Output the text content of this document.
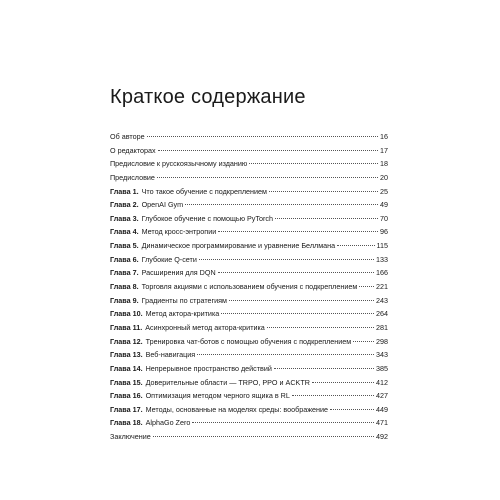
Краткое содержание
Об авторе	16
О редакторах	17
Предисловие к русскоязычному изданию	18
Предисловие	20
Глава 1. Что такое обучение с подкреплением	25
Глава 2. OpenAI Gym	49
Глава 3. Глубокое обучение с помощью PyTorch	70
Глава 4. Метод кросс-энтропии	96
Глава 5. Динамическое программирование и уравнение Беллмана	115
Глава 6. Глубокие Q-сети	133
Глава 7. Расширения для DQN	166
Глава 8. Торговля акциями с использованием обучения с подкреплением	221
Глава 9. Градиенты по стратегиям	243
Глава 10. Метод актора-критика	264
Глава 11. Асинхронный метод актора-критика	281
Глава 12. Тренировка чат-ботов с помощью обучения с подкреплением	298
Глава 13. Веб-навигация	343
Глава 14. Непрерывное пространство действий	385
Глава 15. Доверительные области — TRPO, PPO и ACKTR	412
Глава 16. Оптимизация методом черного ящика в RL	427
Глава 17. Методы, основанные на моделях среды: воображение	449
Глава 18. AlphaGo Zero	471
Заключение	492
